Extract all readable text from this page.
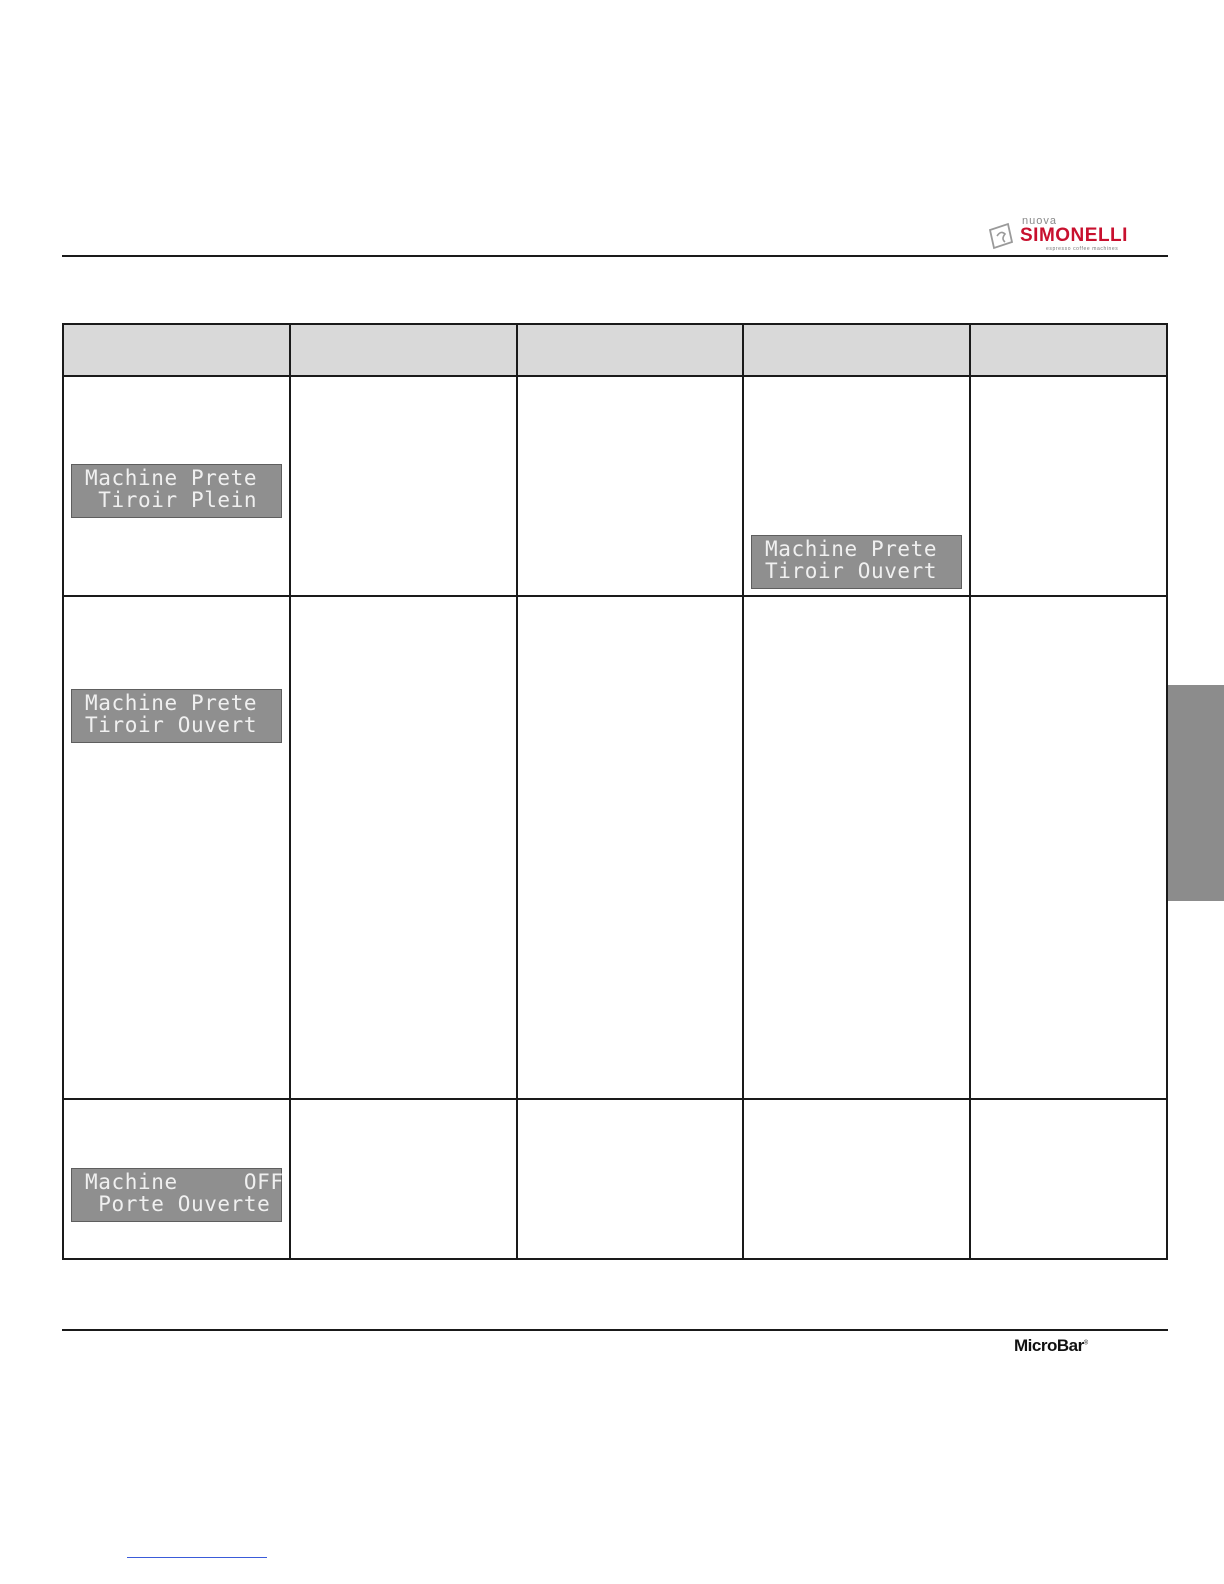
nuova
SIMONELLI
espresso coffee machines
Machine Prete
Tiroir Plein
Machine Prete
Tiroir Ouvert
Machine Prete
Tiroir Ouvert
Machine     OFF
Porte Ouverte
MicroBar®
